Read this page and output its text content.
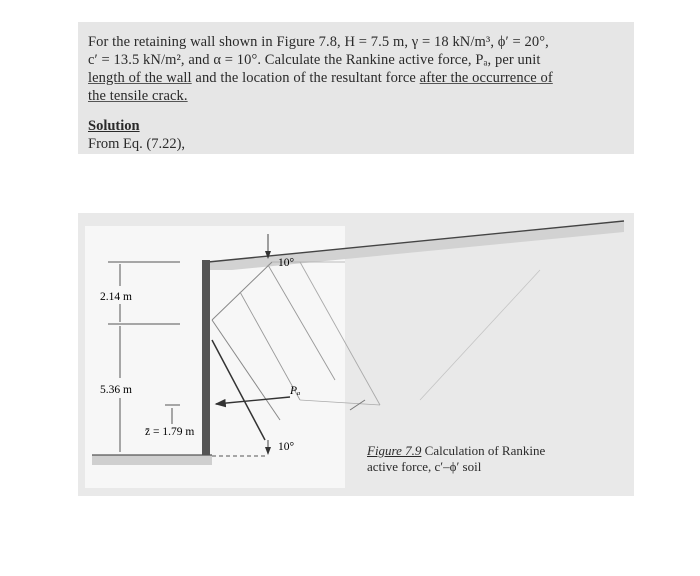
For the retaining wall shown in Figure 7.8, H = 7.5 m, γ = 18 kN/m³, ϕ′ = 20°,
c′ = 13.5 kN/m², and α = 10°. Calculate the Rankine active force, Pₐ, per unit
length of the wall and the location of the resultant force after the occurrence of
the tensile crack.
Solution
From Eq. (7.22),
2.14 m
5.36 m
z̄ = 1.79 m
10°
10°
Pₐ
Figure 7.9 Calculation of Rankine
active force, c′–ϕ′ soil
